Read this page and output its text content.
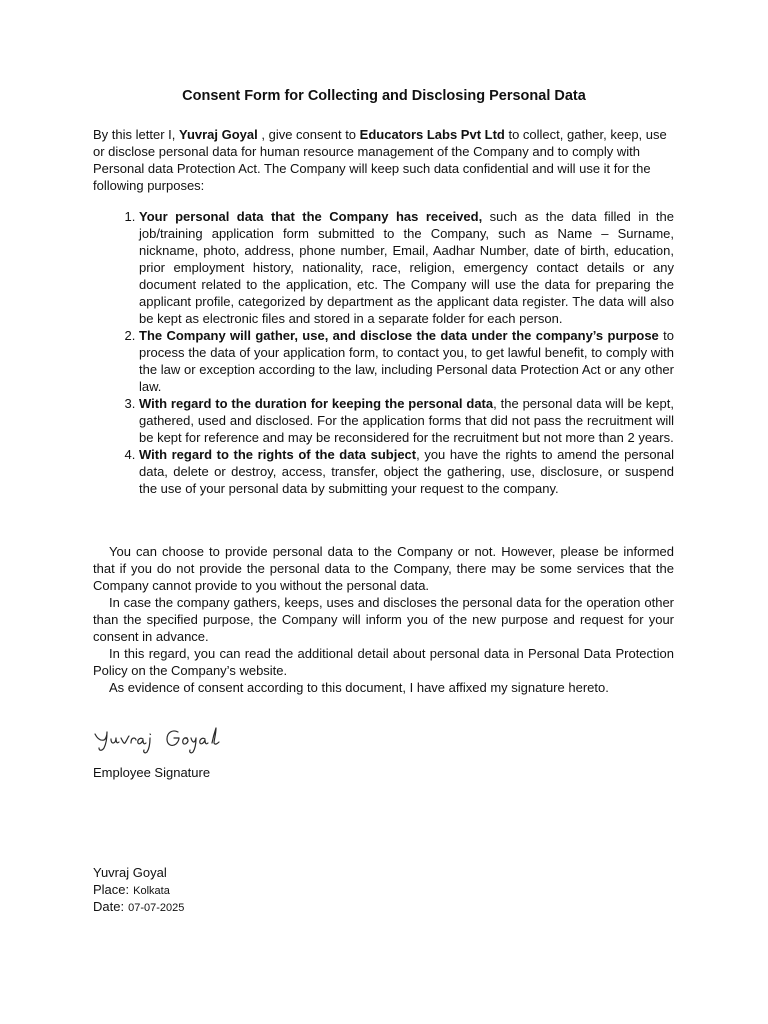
Consent Form for Collecting and Disclosing Personal Data

By this letter I, Yuvraj Goyal , give consent to Educators Labs Pvt Ltd to collect, gather, keep, use or disclose personal data for human resource management of the Company and to comply with Personal data Protection Act. The Company will keep such data confidential and will use it for the following purposes:

1. Your personal data that the Company has received, such as the data filled in the job/training application form submitted to the Company, such as Name – Surname, nickname, photo, address, phone number, Email, Aadhar Number, date of birth, education, prior employment history, nationality, race, religion, emergency contact details or any document related to the application, etc. The Company will use the data for preparing the applicant profile, categorized by department as the applicant data register. The data will also be kept as electronic files and stored in a separate folder for each person.
2. The Company will gather, use, and disclose the data under the company’s purpose to process the data of your application form, to contact you, to get lawful benefit, to comply with the law or exception according to the law, including Personal data Protection Act or any other law.
3. With regard to the duration for keeping the personal data, the personal data will be kept, gathered, used and disclosed. For the application forms that did not pass the recruitment will be kept for reference and may be reconsidered for the recruitment but not more than 2 years.
4. With regard to the rights of the data subject, you have the rights to amend the personal data, delete or destroy, access, transfer, object the gathering, use, disclosure, or suspend the use of your personal data by submitting your request to the company.

You can choose to provide personal data to the Company or not. However, please be informed that if you do not provide the personal data to the Company, there may be some services that the Company cannot provide to you without the personal data.

In case the company gathers, keeps, uses and discloses the personal data for the operation other than the specified purpose, the Company will inform you of the new purpose and request for your consent in advance.

In this regard, you can read the additional detail about personal data in Personal Data Protection Policy on the Company’s website.

As evidence of consent according to this document, I have affixed my signature hereto.

Employee Signature
Yuvraj Goyal
Place: Kolkata
Date: 07-07-2025
